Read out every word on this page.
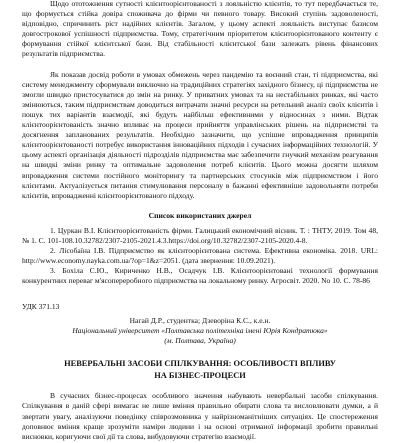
Щодо ототожнення сутності клієнтоорієнтованості з лояльністю клієнтів, то тут передбачається те, що формується стійка довіра споживача до фірми чи певного товару. Високий ступінь задоволеності, відповідно, спричинить ріст надійних клієнтів. Загалом, у цьому аспекті лояльність виступає базисом довгострокової успішності підприємства. Тому, стратегічним пріоритетом клієнтоорієнтованого контенту є формування стійкої клієнтської бази. Від стабільності клієнтської бази залежать рівень фінансових результатів підприємства.

Як показав досвід роботи в умовах обмежень через пандемію та воєнний стан, ті підприємства, які систему менеджменту сформували виключно на традиційних стратегіях західного бізнесу, ці підприємства не змогли швидко пристосуватися до змін на ринку. У приватних умовах та на нестабільних ринках, які часто змінюються, таким підприємствам доводиться витрачати значні ресурси на ретельний аналіз своїх клієнтів і пошук тих варіантів взаємодії, які будуть найбільш ефективними у відносинах з ними. Відтак клієнтоорієнтованість значно впливає на процеси прийняття управлінських рішень на підприємстві та досягнення запланованих результатів. Необхідно зазначити, що успішне впровадження принципів клієнтоорієнтованості потребує використання інноваційних підходів і сучасних інформаційних технологій. У цьому аспекті організація діяльності підрозділів підприємства має забезпечити гнучкий механізм реагування на швидкі зміни ринку та оптимальне задоволення потреб клієнтів. Цього можна досягти шляхом впровадження системи постійного моніторингу та партнерських стосунків між підприємством і його клієнтами. Актуалізується питання стимулювання персоналу в бажанні ефективніше задовольняти потреби клієнтів, впровадженні клієнтоорієнтованого підходу.

Список використаних джерел

1. Цуркан В.І. Клієнтоорієнтованість фірми. Галицький економічний вісник. Т. : ТНТУ, 2019. Том 48, № 1. С. 101-108.10.32782/2307-2105-2021.4.3.https://doi.org/10.32782/2307-2105-2020.4-8.

2. Лісобаїна І.В. Підприємство як клієнтоорієнтована система. Ефективна економіка. 2018. URL: http://www.economy.nayka.com.ua/?op=1&z=2051. (дата звернення: 10.09.2021).

3. Бохіла С.Ю., Кириченко Н.В., Осадчук І.В. Клієнтоорієнтовані технології формування конкурентних переваг м'ясопереробного підприємства на локальному ринку. Агросвіт. 2020. No 10. С. 78-86

УДК 371.13
Нагай Д.Р., студентка; Дзеворіна К.С., к.е.н.
Національний університет «Полтавська політехніка імені Юрія Кондратюка»
(м. Полтава, Україна)
НЕВЕРБАЛЬНІ ЗАСОБИ СПІЛКУВАННЯ: ОСОБЛИВОСТІ ВПЛИВУ
НА БІЗНЕС-ПРОЦЕСИ

В сучасних бізнес-процесах особливого значення набувають невербальні засоби спілкування. Спілкування в даній сфері вимагає не лише вміння правильно обирати слова та висловлювати думки, а й звертати увагу, аналізуючи поведінку співрозмовника у найрізноманітніших ситуаціях. Це спостереження доповнює вміння краще зрозуміти наміри людини і на основі отриманої інформації зробити правильні висновки, коригуючи свої дії та слова, вибудовуючи стратегію взаємодії.
